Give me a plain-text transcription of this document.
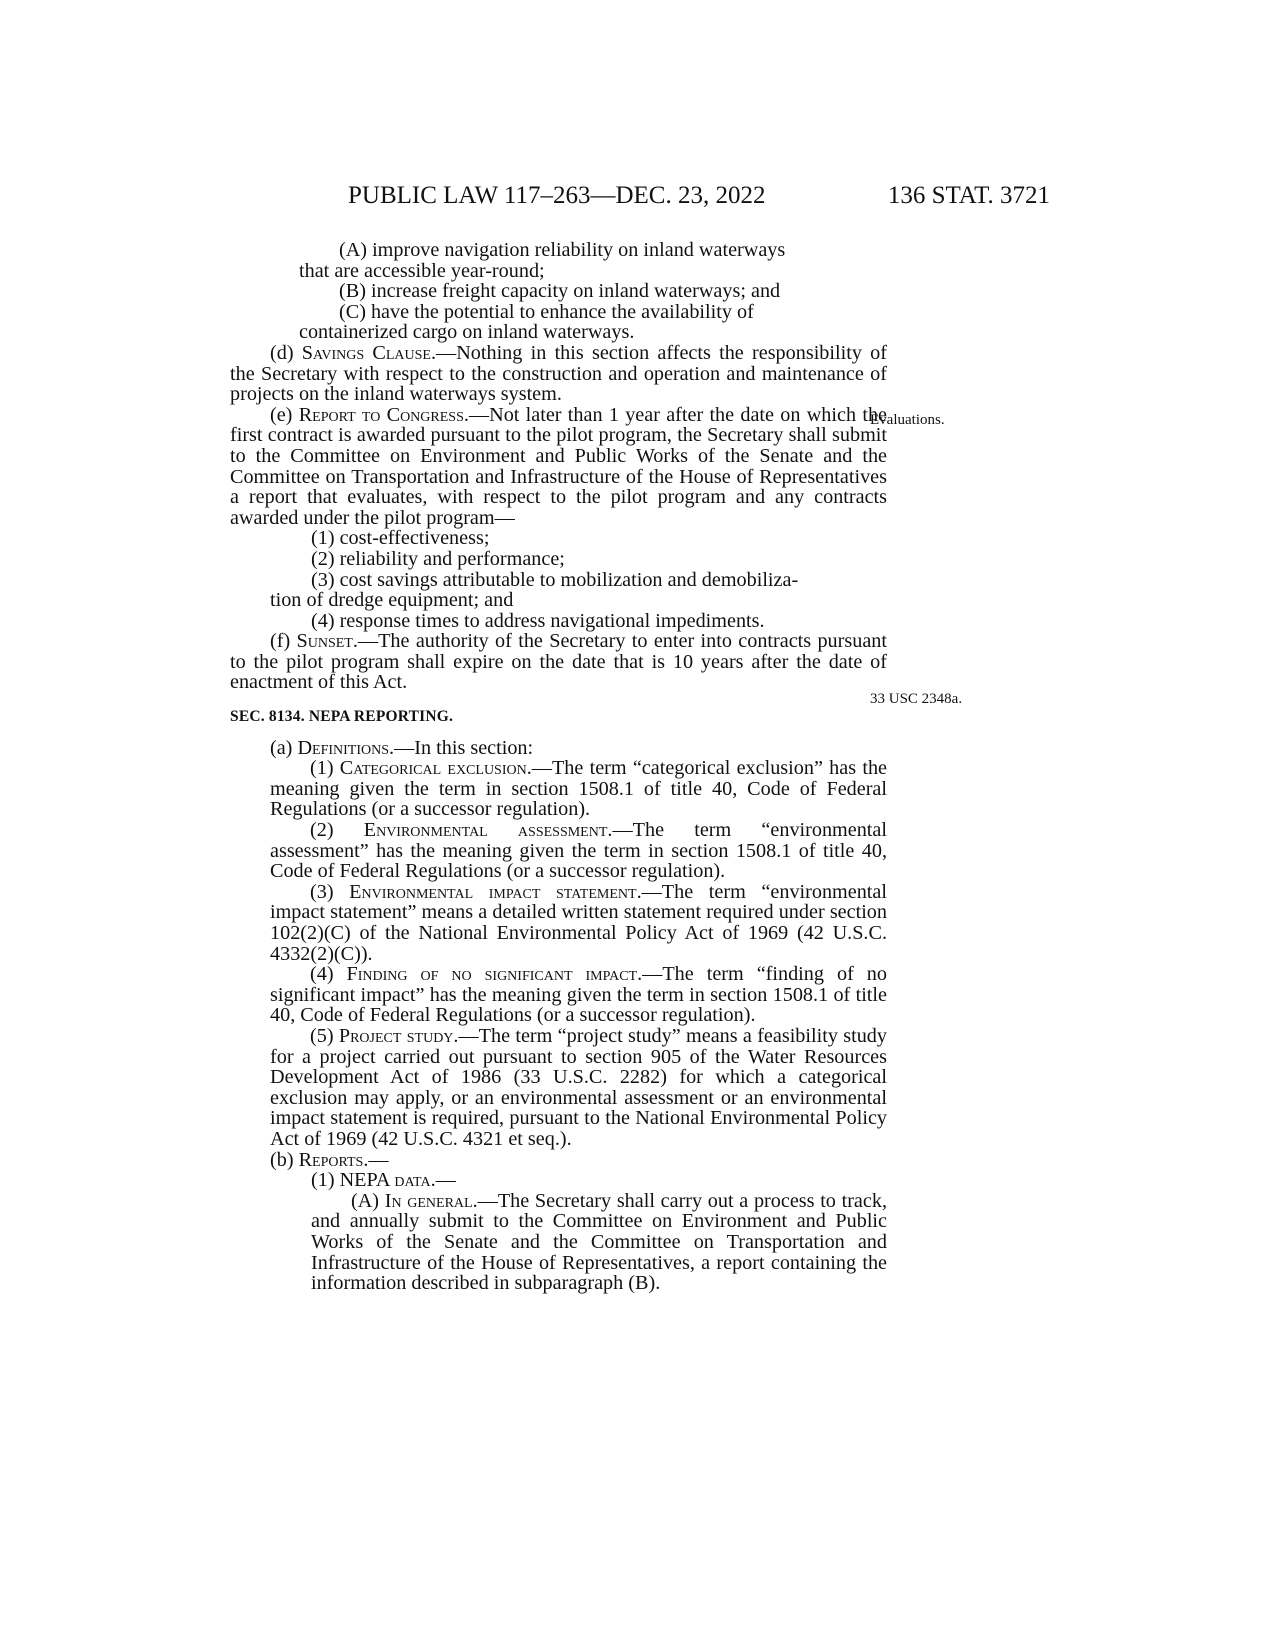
PUBLIC LAW 117–263—DEC. 23, 2022	136 STAT. 3721
Evaluations.
33 USC 2348a.

(A) improve navigation reliability on inland waterways

that are accessible year-round;

(B) increase freight capacity on inland waterways; and

(C) have the potential to enhance the availability of

containerized cargo on inland waterways.

(d) Savings Clause.—Nothing in this section affects the responsibility of the Secretary with respect to the construction and operation and maintenance of projects on the inland waterways system.

(e) Report to Congress.—Not later than 1 year after the date on which the first contract is awarded pursuant to the pilot program, the Secretary shall submit to the Committee on Environment and Public Works of the Senate and the Committee on Transportation and Infrastructure of the House of Representatives a report that evaluates, with respect to the pilot program and any contracts awarded under the pilot program—

(1) cost-effectiveness;

(2) reliability and performance;

(3) cost savings attributable to mobilization and demobiliza-

tion of dredge equipment; and

(4) response times to address navigational impediments.

(f) Sunset.—The authority of the Secretary to enter into contracts pursuant to the pilot program shall expire on the date that is 10 years after the date of enactment of this Act.

SEC. 8134. NEPA REPORTING.

(a) Definitions.—In this section:

(1) Categorical exclusion.—The term “categorical exclusion” has the meaning given the term in section 1508.1 of title 40, Code of Federal Regulations (or a successor regulation).

(2) Environmental assessment.—The term “environmental assessment” has the meaning given the term in section 1508.1 of title 40, Code of Federal Regulations (or a successor regulation).

(3) Environmental impact statement.—The term “environmental impact statement” means a detailed written statement required under section 102(2)(C) of the National Environmental Policy Act of 1969 (42 U.S.C. 4332(2)(C)).

(4) Finding of no significant impact.—The term “finding of no significant impact” has the meaning given the term in section 1508.1 of title 40, Code of Federal Regulations (or a successor regulation).

(5) Project study.—The term “project study” means a feasibility study for a project carried out pursuant to section 905 of the Water Resources Development Act of 1986 (33 U.S.C. 2282) for which a categorical exclusion may apply, or an environmental assessment or an environmental impact statement is required, pursuant to the National Environmental Policy Act of 1969 (42 U.S.C. 4321 et seq.).

(b) Reports.—

(1) NEPA data.—

(A) In general.—The Secretary shall carry out a process to track, and annually submit to the Committee on Environment and Public Works of the Senate and the Committee on Transportation and Infrastructure of the House of Representatives, a report containing the information described in subparagraph (B).
